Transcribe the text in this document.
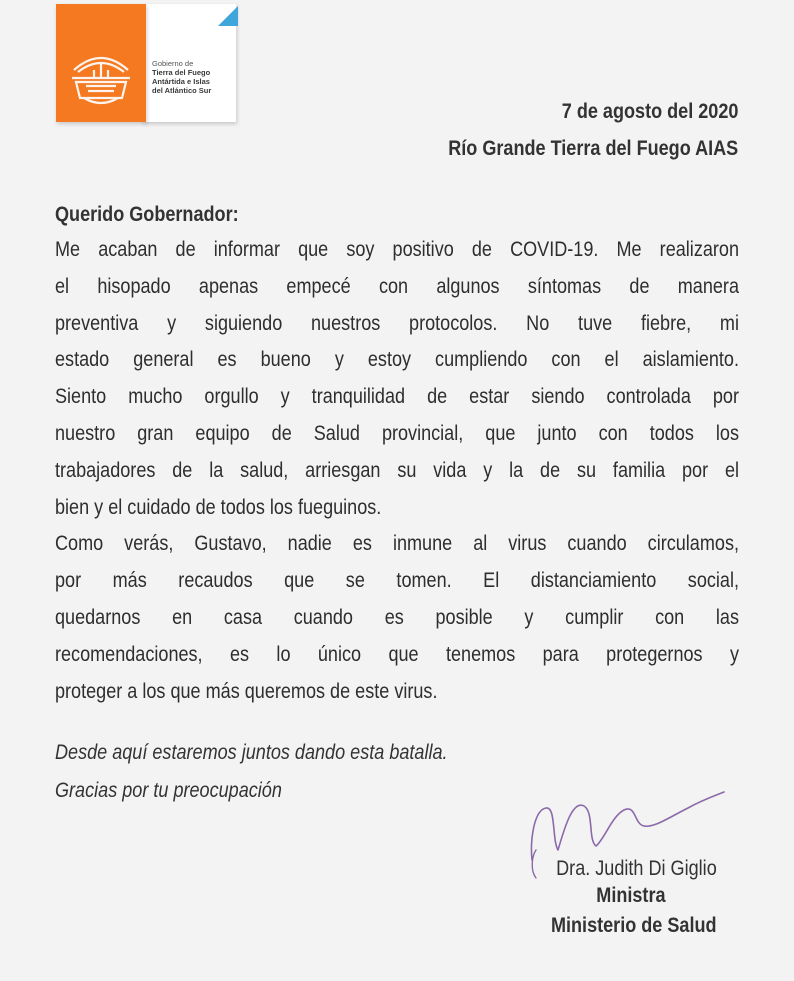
Gobierno de
Tierra del Fuego
Antártida e Islas
del Atlántico Sur
7 de agosto del 2020
Río Grande Tierra del Fuego AIAS
Querido Gobernador:
Me acaban de informar que soy positivo de COVID-19. Me realizaron
el hisopado apenas empecé con algunos síntomas de manera
preventiva y siguiendo nuestros protocolos. No tuve fiebre, mi
estado general es bueno y estoy cumpliendo con el aislamiento.
Siento mucho orgullo y tranquilidad de estar siendo controlada por
nuestro gran equipo de Salud provincial, que junto con todos los
trabajadores de la salud, arriesgan su vida y la de su familia por el
bien y el cuidado de todos los fueguinos.
Como verás, Gustavo, nadie es inmune al virus cuando circulamos,
por más recaudos que se tomen. El distanciamiento social,
quedarnos en casa cuando es posible y cumplir con las
recomendaciones, es lo único que tenemos para protegernos y
proteger a los que más queremos de este virus.
Desde aquí estaremos juntos dando esta batalla.
Gracias por tu preocupación
Dra. Judith Di Giglio
Ministra
Ministerio de Salud
